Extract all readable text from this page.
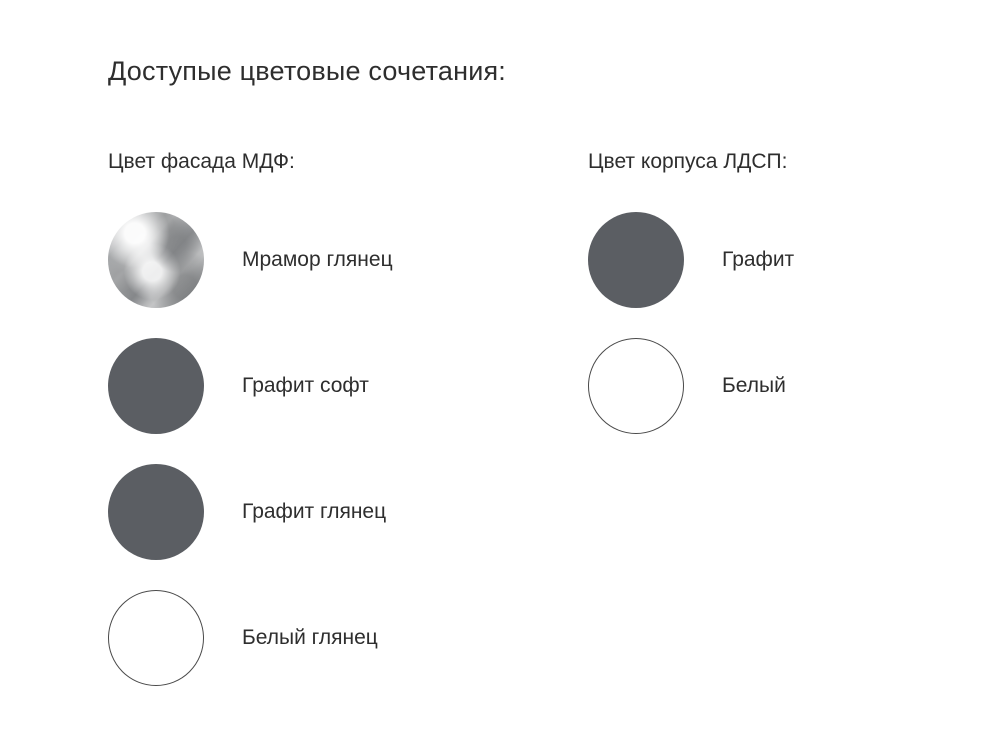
Доступые цветовые сочетания:
Цвет фасада МДФ:
Мрамор глянец
Графит софт
Графит глянец
Белый глянец
Цвет корпуса ЛДСП:
Графит
Белый
